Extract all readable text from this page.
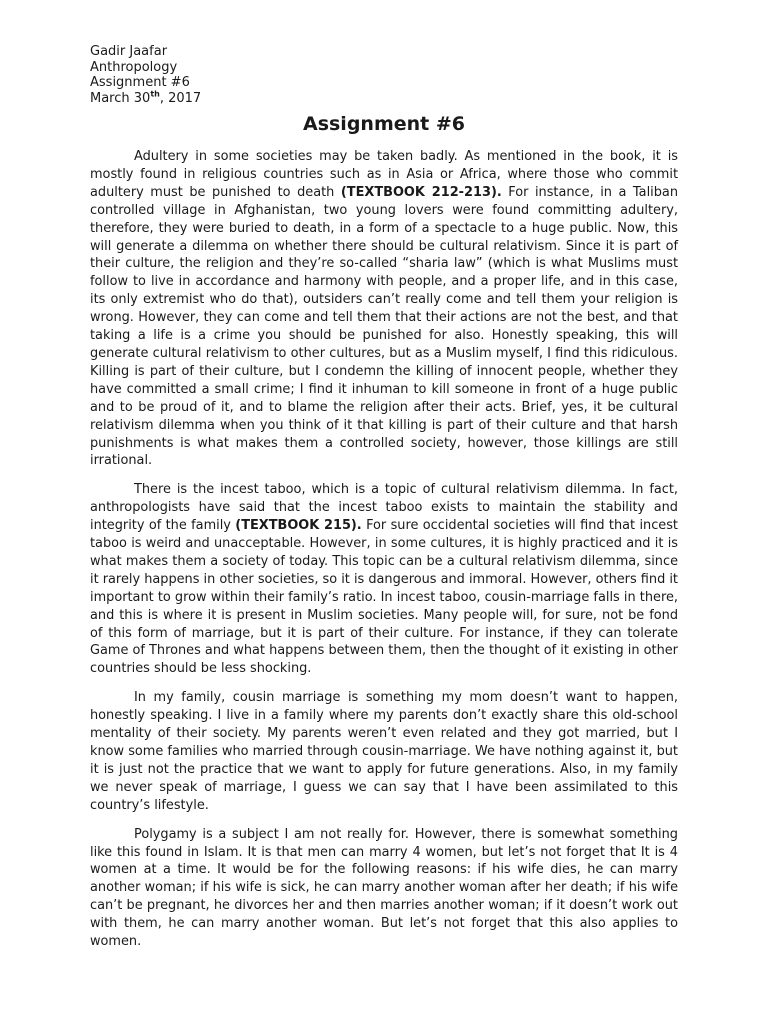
Gadir Jaafar
Anthropology
Assignment #6
March 30th, 2017
Assignment #6

Adultery in some societies may be taken badly. As mentioned in the book, it is mostly found in religious countries such as in Asia or Africa, where those who commit adultery must be punished to death (TEXTBOOK 212-213). For instance, in a Taliban controlled village in Afghanistan, two young lovers were found committing adultery, therefore, they were buried to death, in a form of a spectacle to a huge public. Now, this will generate a dilemma on whether there should be cultural relativism. Since it is part of their culture, the religion and they’re so-called “sharia law” (which is what Muslims must follow to live in accordance and harmony with people, and a proper life, and in this case, its only extremist who do that), outsiders can’t really come and tell them your religion is wrong. However, they can come and tell them that their actions are not the best, and that taking a life is a crime you should be punished for also. Honestly speaking, this will generate cultural relativism to other cultures, but as a Muslim myself, I find this ridiculous. Killing is part of their culture, but I condemn the killing of innocent people, whether they have committed a small crime; I find it inhuman to kill someone in front of a huge public and to be proud of it, and to blame the religion after their acts. Brief, yes, it be cultural relativism dilemma when you think of it that killing is part of their culture and that harsh punishments is what makes them a controlled society, however, those killings are still irrational.

There is the incest taboo, which is a topic of cultural relativism dilemma. In fact, anthropologists have said that the incest taboo exists to maintain the stability and integrity of the family (TEXTBOOK 215). For sure occidental societies will find that incest taboo is weird and unacceptable. However, in some cultures, it is highly practiced and it is what makes them a society of today. This topic can be a cultural relativism dilemma, since it rarely happens in other societies, so it is dangerous and immoral. However, others find it important to grow within their family’s ratio. In incest taboo, cousin-marriage falls in there, and this is where it is present in Muslim societies. Many people will, for sure, not be fond of this form of marriage, but it is part of their culture. For instance, if they can tolerate Game of Thrones and what happens between them, then the thought of it existing in other countries should be less shocking.

In my family, cousin marriage is something my mom doesn’t want to happen, honestly speaking. I live in a family where my parents don’t exactly share this old-school mentality of their society. My parents weren’t even related and they got married, but I know some families who married through cousin-marriage. We have nothing against it, but it is just not the practice that we want to apply for future generations. Also, in my family we never speak of marriage, I guess we can say that I have been assimilated to this country’s lifestyle.

Polygamy is a subject I am not really for. However, there is somewhat something like this found in Islam. It is that men can marry 4 women, but let’s not forget that It is 4 women at a time. It would be for the following reasons: if his wife dies, he can marry another woman; if his wife is sick, he can marry another woman after her death; if his wife can’t be pregnant, he divorces her and then marries another woman; if it doesn’t work out with them, he can marry another woman. But let’s not forget that this also applies to women.
